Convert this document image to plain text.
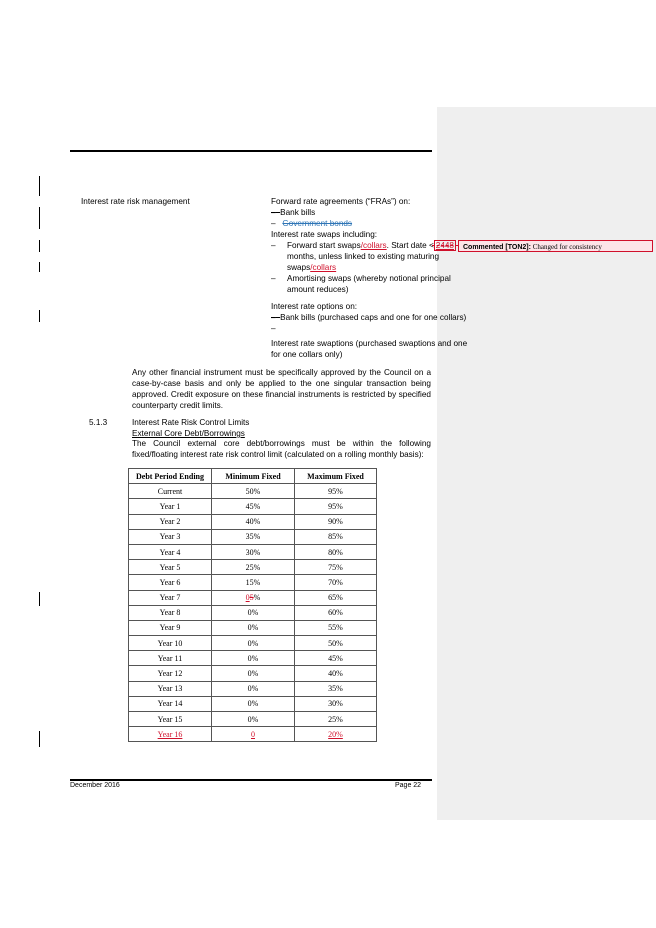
Interest rate risk management	Forward rate agreements (“FRAs”) on:
– Bank bills
– Government bonds
Interest rate swaps including:
– Forward start swaps/collars. Start date < 2448
months, unless linked to existing maturing
swaps/collars
– Amortising swaps (whereby notional principal
amount reduces)
Interest rate options on:
– Bank bills (purchased caps and one for one collars)
–
Interest rate swaptions (purchased swaptions and one
for one collars only)
Commented [TON2]: Changed for consistency
Any other financial instrument must be specifically approved by the Council on a case-by-case basis and only be applied to the one singular transaction being approved. Credit exposure on these financial instruments is restricted by specified counterparty credit limits.
5.1.3	Interest Rate Risk Control Limits
External Core Debt/Borrowings
The Council external core debt/borrowings must be within the following fixed/floating interest rate risk control limit (calculated on a rolling monthly basis):
Debt Period Ending	Minimum Fixed	Maximum Fixed
Current	50%	95%
Year 1	45%	95%
Year 2	40%	90%
Year 3	35%	85%
Year 4	30%	80%
Year 5	25%	75%
Year 6	15%	70%
Year 7	05%	65%
Year 8	0%	60%
Year 9	0%	55%
Year 10	0%	50%
Year 11	0%	45%
Year 12	0%	40%
Year 13	0%	35%
Year 14	0%	30%
Year 15	0%	25%
Year 16	0	20%
December 2016	Page 22
